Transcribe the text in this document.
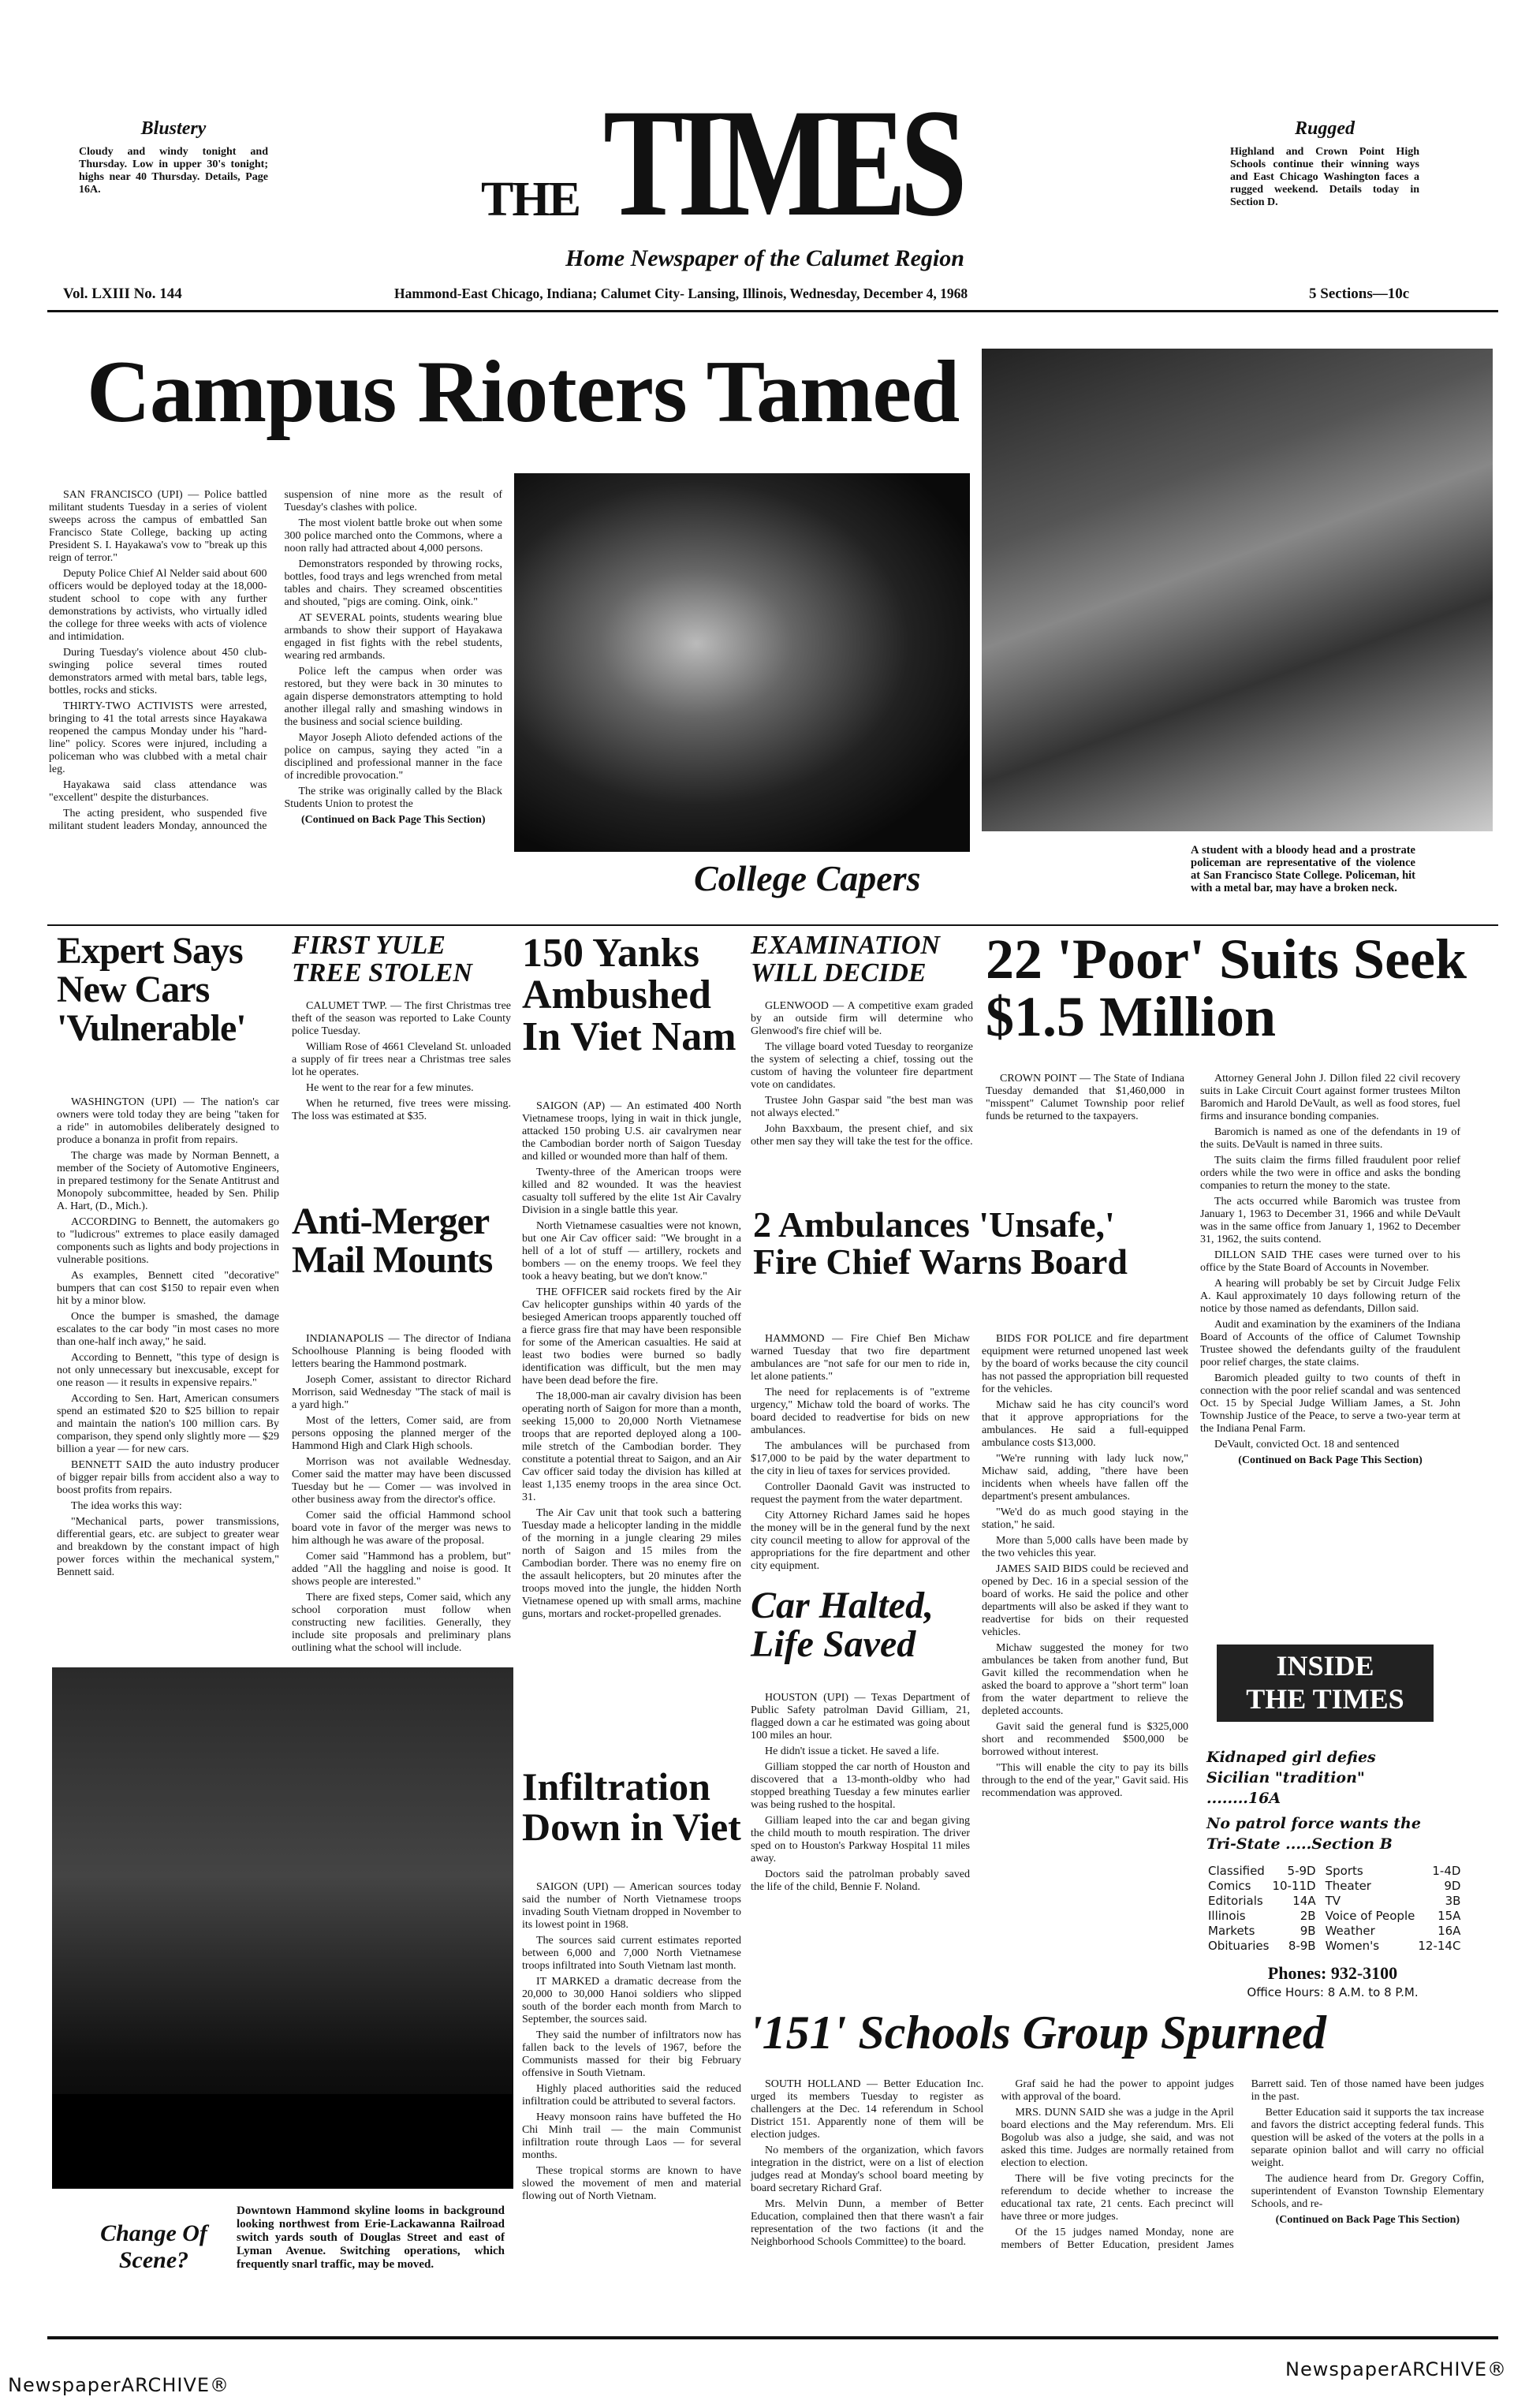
Blustery
Cloudy and windy tonight and Thursday. Low in upper 30's tonight; highs near 40 Thursday. Details, Page 16A.
Rugged
Highland and Crown Point High Schools continue their winning ways and East Chicago Washington faces a rugged weekend. Details today in Section D.
THE TIMES
Home Newspaper of the Calumet Region
Vol. LXIII No. 144	Hammond-East Chicago, Indiana; Calumet City- Lansing, Illinois, Wednesday, December 4, 1968	5 Sections—10c
Campus Rioters Tamed

SAN FRANCISCO (UPI) — Police battled militant students Tuesday in a series of violent sweeps across the campus of embattled San Francisco State College, backing up acting President S. I. Hayakawa's vow to "break up this reign of terror."

Deputy Police Chief Al Nelder said about 600 officers would be deployed today at the 18,000-student school to cope with any further demonstrations by activists, who virtually idled the college for three weeks with acts of violence and intimidation.

During Tuesday's violence about 450 club-swinging police several times routed demonstrators armed with metal bars, table legs, bottles, rocks and sticks.

THIRTY-TWO ACTIVISTS were arrested, bringing to 41 the total arrests since Hayakawa reopened the campus Monday under his "hard-line" policy. Scores were injured, including a policeman who was clubbed with a metal chair leg.

Hayakawa said class attendance was "excellent" despite the disturbances.

The acting president, who suspended five militant student leaders Monday, announced the suspension of nine more as the result of Tuesday's clashes with police.

The most violent battle broke out when some 300 police marched onto the Commons, where a noon rally had attracted about 4,000 persons.

Demonstrators responded by throwing rocks, bottles, food trays and legs wrenched from metal tables and chairs. They screamed obscentities and shouted, "pigs are coming. Oink, oink."

AT SEVERAL points, students wearing blue armbands to show their support of Hayakawa engaged in fist fights with the rebel students, wearing red armbands.

Police left the campus when order was restored, but they were back in 30 minutes to again disperse demonstrators attempting to hold another illegal rally and smashing windows in the business and social science building.

Mayor Joseph Alioto defended actions of the police on campus, saying they acted "in a disciplined and professional manner in the face of incredible provocation."

The strike was originally called by the Black Students Union to protest the

(Continued on Back Page This Section)

College Capers
A student with a bloody head and a prostrate policeman are representative of the violence at San Francisco State College. Policeman, hit with a metal bar, may have a broken neck.
Expert Says New Cars 'Vulnerable'

WASHINGTON (UPI) — The nation's car owners were told today they are being "taken for a ride" in automobiles deliberately designed to produce a bonanza in profit from repairs.

The charge was made by Norman Bennett, a member of the Society of Automotive Engineers, in prepared testimony for the Senate Antitrust and Monopoly subcommittee, headed by Sen. Philip A. Hart, (D., Mich.).

ACCORDING to Bennett, the automakers go to "ludicrous" extremes to place easily damaged components such as lights and body projections in vulnerable positions.

As examples, Bennett cited "decorative" bumpers that can cost $150 to repair even when hit by a minor blow.

Once the bumper is smashed, the damage escalates to the car body "in most cases no more than one-half inch away," he said.

According to Bennett, "this type of design is not only unnecessary but inexcusable, except for one reason — it results in expensive repairs."

According to Sen. Hart, American consumers spend an estimated $20 to $25 billion to repair and maintain the nation's 100 million cars. By comparison, they spend only slightly more — $29 billion a year — for new cars.

BENNETT SAID the auto industry producer of bigger repair bills from accident also a way to boost profits from repairs.

The idea works this way:

"Mechanical parts, power transmissions, differential gears, etc. are subject to greater wear and breakdown by the constant impact of high power forces within the mechanical system," Bennett said.

FIRST YULE TREE STOLEN

CALUMET TWP. — The first Christmas tree theft of the season was reported to Lake County police Tuesday.

William Rose of 4661 Cleveland St. unloaded a supply of fir trees near a Christmas tree sales lot he operates.

He went to the rear for a few minutes.

When he returned, five trees were missing. The loss was estimated at $35.

Anti-Merger Mail Mounts

INDIANAPOLIS — The director of Indiana Schoolhouse Planning is being flooded with letters bearing the Hammond postmark.

Joseph Comer, assistant to director Richard Morrison, said Wednesday "The stack of mail is a yard high."

Most of the letters, Comer said, are from persons opposing the planned merger of the Hammond High and Clark High schools.

Morrison was not available Wednesday. Comer said the matter may have been discussed Tuesday but he — Comer — was involved in other business away from the director's office.

Comer said the official Hammond school board vote in favor of the merger was news to him although he was aware of the proposal.

Comer said "Hammond has a problem, but" added "All the haggling and noise is good. It shows people are interested."

There are fixed steps, Comer said, which any school corporation must follow when constructing new facilities. Generally, they include site proposals and preliminary plans outlining what the school will include.

150 Yanks Ambushed In Viet Nam

SAIGON (AP) — An estimated 400 North Vietnamese troops, lying in wait in thick jungle, attacked 150 probing U.S. air cavalrymen near the Cambodian border north of Saigon Tuesday and killed or wounded more than half of them.

Twenty-three of the American troops were killed and 82 wounded. It was the heaviest casualty toll suffered by the elite 1st Air Cavalry Division in a single battle this year.

North Vietnamese casualties were not known, but one Air Cav officer said: "We brought in a hell of a lot of stuff — artillery, rockets and bombers — on the enemy troops. We feel they took a heavy beating, but we don't know."

THE OFFICER said rockets fired by the Air Cav helicopter gunships within 40 yards of the besieged American troops apparently touched off a fierce grass fire that may have been responsible for some of the American casualties. He said at least two bodies were burned so badly identification was difficult, but the men may have been dead before the fire.

The 18,000-man air cavalry division has been operating north of Saigon for more than a month, seeking 15,000 to 20,000 North Vietnamese troops that are reported deployed along a 100-mile stretch of the Cambodian border. They constitute a potential threat to Saigon, and an Air Cav officer said today the division has killed at least 1,135 enemy troops in the area since Oct. 31.

The Air Cav unit that took such a battering Tuesday made a helicopter landing in the middle of the morning in a jungle clearing 29 miles north of Saigon and 15 miles from the Cambodian border. There was no enemy fire on the assault helicopters, but 20 minutes after the troops moved into the jungle, the hidden North Vietnamese opened up with small arms, machine guns, mortars and rocket-propelled grenades.

Infiltration Down in Viet

SAIGON (UPI) — American sources today said the number of North Vietnamese troops invading South Vietnam dropped in November to its lowest point in 1968.

The sources said current estimates reported between 6,000 and 7,000 North Vietnamese troops infiltrated into South Vietnam last month.

IT MARKED a dramatic decrease from the 20,000 to 30,000 Hanoi soldiers who slipped south of the border each month from March to September, the sources said.

They said the number of infiltrators now has fallen back to the levels of 1967, before the Communists massed for their big February offensive in South Vietnam.

Highly placed authorities said the reduced infiltration could be attributed to several factors.

Heavy monsoon rains have buffeted the Ho Chi Minh trail — the main Communist infiltration route through Laos — for several months.

These tropical storms are known to have slowed the movement of men and material flowing out of North Vietnam.

EXAMINATION WILL DECIDE

GLENWOOD — A competitive exam graded by an outside firm will determine who Glenwood's fire chief will be.

The village board voted Tuesday to reorganize the system of selecting a chief, tossing out the custom of having the volunteer fire department vote on candidates.

Trustee John Gaspar said "the best man was not always elected."

John Baxxbaum, the present chief, and six other men say they will take the test for the office.

22 'Poor' Suits Seek $1.5 Million

CROWN POINT — The State of Indiana Tuesday demanded that $1,460,000 in "misspent" Calumet Township poor relief funds be returned to the taxpayers.

Attorney General John J. Dillon filed 22 civil recovery suits in Lake Circuit Court against former trustees Milton Baromich and Harold DeVault, as well as food stores, fuel firms and insurance bonding companies.

Baromich is named as one of the defendants in 19 of the suits. DeVault is named in three suits.

The suits claim the firms filled fraudulent poor relief orders while the two were in office and asks the bonding companies to return the money to the state.

The acts occurred while Baromich was trustee from January 1, 1963 to December 31, 1966 and while DeVault was in the same office from January 1, 1962 to December 31, 1962, the suits contend.

DILLON SAID THE cases were turned over to his office by the State Board of Accounts in November.

A hearing will probably be set by Circuit Judge Felix A. Kaul approximately 10 days following return of the notice by those named as defendants, Dillon said.

Audit and examination by the examiners of the Indiana Board of Accounts of the office of Calumet Township Trustee showed the defendants guilty of the fraudulent poor relief charges, the state claims.

Baromich pleaded guilty to two counts of theft in connection with the poor relief scandal and was sentenced Oct. 15 by Special Judge William James, a St. John Township Justice of the Peace, to serve a two-year term at the Indiana Penal Farm.

DeVault, convicted Oct. 18 and sentenced

(Continued on Back Page This Section)

2 Ambulances 'Unsafe,' Fire Chief Warns Board

HAMMOND — Fire Chief Ben Michaw warned Tuesday that two fire department ambulances are "not safe for our men to ride in, let alone patients."

The need for replacements is of "extreme urgency," Michaw told the board of works. The board decided to readvertise for bids on new ambulances.

The ambulances will be purchased from $17,000 to be paid by the water department to the city in lieu of taxes for services provided.

Controller Daonald Gavit was instructed to request the payment from the water department.

City Attorney Richard James said he hopes the money will be in the general fund by the next city council meeting to allow for approval of the appropriations for the fire department and other city equipment.

BIDS FOR POLICE and fire department equipment were returned unopened last week by the board of works because the city council has not passed the appropriation bill requested for the vehicles.

Michaw said he has city council's word that it approve appropriations for the ambulances. He said a full-equipped ambulance costs $13,000.

"We're running with lady luck now," Michaw said, adding, "there have been incidents when wheels have fallen off the department's present ambulances.

"We'd do as much good staying in the station," he said.

More than 5,000 calls have been made by the two vehicles this year.

JAMES SAID BIDS could be recieved and opened by Dec. 16 in a special session of the board of works. He said the police and other departments will also be asked if they want to readvertise for bids on their requested vehicles.

Michaw suggested the money for two ambulances be taken from another fund, But Gavit killed the recommendation when he asked the board to approve a "short term" loan from the water department to relieve the depleted accounts.

Gavit said the general fund is $325,000 short and recommended $500,000 be borrowed without interest.

"This will enable the city to pay its bills through to the end of the year," Gavit said. His recommendation was approved.

Car Halted, Life Saved

HOUSTON (UPI) — Texas Department of Public Safety patrolman David Gilliam, 21, flagged down a car he estimated was going about 100 miles an hour.

He didn't issue a ticket. He saved a life.

Gilliam stopped the car north of Houston and discovered that a 13-month-oldby who had stopped breathing Tuesday a few minutes earlier was being rushed to the hospital.

Gilliam leaped into the car and began giving the child mouth to mouth respiration. The driver sped on to Houston's Parkway Hospital 11 miles away.

Doctors said the patrolman probably saved the life of the child, Bennie F. Noland.

INSIDE
THE TIMES
Kidnaped girl defies Sicilian "tradition" ........16A
No patrol force wants the Tri-State .....Section B
Classified	5-9D	Sports	1-4D
Comics	10-11D	Theater	9D
Editorials	14A	TV	3B
Illinois	2B	Voice of People	15A
Markets	9B	Weather	16A
Obituaries	8-9B	Women's	12-14C
Phones: 932-3100
Office Hours: 8 A.M. to 8 P.M.
Change Of Scene?
Downtown Hammond skyline looms in background looking northwest from Erie-Lackawanna Railroad switch yards south of Douglas Street and east of Lyman Avenue. Switching operations, which frequently snarl traffic, may be moved.
'151' Schools Group Spurned

SOUTH HOLLAND — Better Education Inc. urged its members Tuesday to register as challengers at the Dec. 14 referendum in School District 151. Apparently none of them will be election judges.

No members of the organization, which favors integration in the district, were on a list of election judges read at Monday's school board meeting by board secretary Richard Graf.

Mrs. Melvin Dunn, a member of Better Education, complained then that there wasn't a fair representation of the two factions (it and the Neighborhood Schools Committee) to the board.

Graf said he had the power to appoint judges with approval of the board.

MRS. DUNN SAID she was a judge in the April board elections and the May referendum. Mrs. Eli Bogolub was also a judge, she said, and was not asked this time. Judges are normally retained from election to election.

There will be five voting precincts for the referendum to decide whether to increase the educational tax rate, 21 cents. Each precinct will have three or more judges.

Of the 15 judges named Monday, none are members of Better Education, president James Barrett said. Ten of those named have been judges in the past.

Better Education said it supports the tax increase and favors the district accepting federal funds. This question will be asked of the voters at the polls in a separate opinion ballot and will carry no official weight.

The audience heard from Dr. Gregory Coffin, superintendent of Evanston Township Elementary Schools, and re-

(Continued on Back Page This Section)

NewspaperARCHIVE®
NewspaperARCHIVE®
